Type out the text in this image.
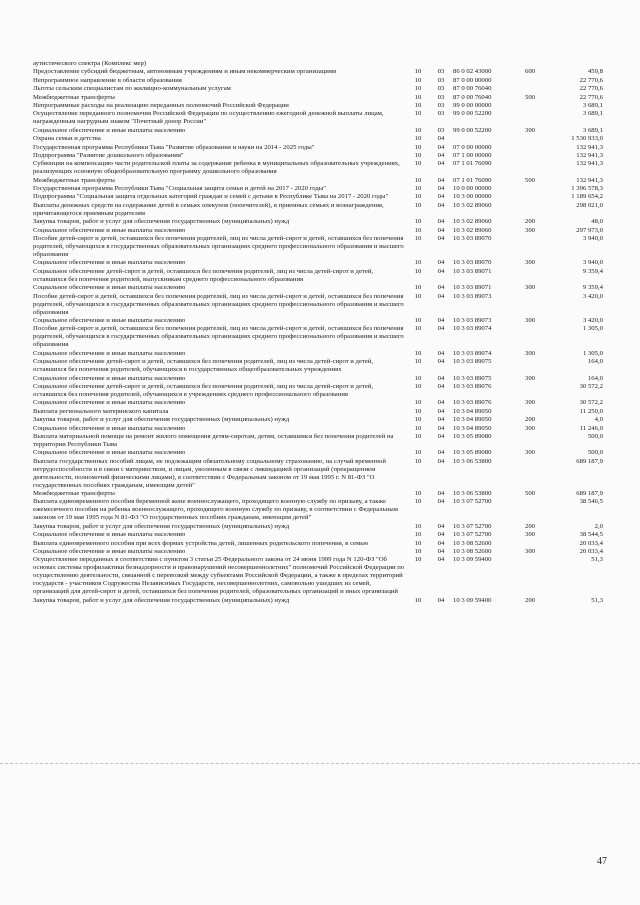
аутистического спектра (Комплекс мер)					
Предоставление субсидий бюджетным, автономным учреждениям и иным некоммерческим организациям	10	03	86 0 02 43000	600	459,8
Непрограммное направление в области образования	10	03	87 0 00 00000		22 770,6
Льготы сельским специалистам по жилищно-коммунальным услугам	10	03	87 0 00 76040		22 770,6
Межбюджетные трансферты	10	03	87 0 00 76040	500	22 770,6
Непрограммные расходы на реализацию переданных полномочий Российской Федерации	10	03	99 0 00 00000		3 689,1
Осуществление переданного полномочия Российской Федерации по осуществлению ежегодной денежной выплаты лицам, награжденным нагрудным знаком "Почетный донор России"	10	03	99 0 00 52200		3 689,1
Социальное обеспечение и иные выплаты населению	10	03	99 0 00 52200	300	3 689,1
Охрана семьи и детства	10	04			1 530 933,0
Государственная программа Республики Тыва "Развитие образования и науки на 2014 - 2025 годы"	10	04	07 0 00 00000		132 941,3
Подпрограмма "Развитие дошкольного образования"	10	04	07 1 00 00000		132 941,3
Субвенции на компенсацию части родительской платы за содержание ребенка в муниципальных образовательных учреждениях, реализующих основную общеобразовательную программу дошкольного образования	10	04	07 1 01 76090		132 941,3
Межбюджетные трансферты	10	04	07 1 01 76090	500	132 941,3
Государственная программа Республики Тыва "Социальная защита семьи и детей на 2017 - 2020 годы"	10	04	10 0 00 00000		1 396 578,3
Подпрограмма "Социальная защита отдельных категорий граждан и семей с детьми в Республике Тыва на 2017 - 2020 годы"	10	04	10 3 00 00000		1 189 654,2
Выплаты денежных средств на содержание детей в семьях опекунов (попечителей), в приемных семьях и вознаграждения, причитающегося приемным родителям	10	04	10 3 02 89060		298 021,0
Закупка товаров, работ и услуг для обеспечения государственных (муниципальных) нужд	10	04	10 3 02 89060	200	48,0
Социальное обеспечение и иные выплаты населению	10	04	10 3 02 89060	300	297 973,0
Пособие детей-сирот и детей, оставшихся без попечения родителей, лиц из числа детей-сирот и детей, оставшихся без попечения родителей, обучающихся в государственных образовательных организациях среднего профессионального образования и высшего образования	10	04	10 3 03 89070		3 940,0
Социальное обеспечение и иные выплаты населению	10	04	10 3 03 89070	300	3 940,0
Социальное обеспечение детей-сирот и детей, оставшихся без попечения родителей, лиц из числа детей-сирот и детей, оставшихся без попечения родителей, выпускникам среднего профессионального образования	10	04	10 3 03 89071		9 359,4
Социальное обеспечение и иные выплаты населению	10	04	10 3 03 89071	300	9 359,4
Пособие детей-сирот и детей, оставшихся без попечения родителей, лиц из числа детей-сирот и детей, оставшихся без попечения родителей, обучающихся в государственных образовательных организациях среднего профессионального образования и высшего образования	10	04	10 3 03 89073		3 420,0
Социальное обеспечение и иные выплаты населению	10	04	10 3 03 89073	300	3 420,0
Пособие детей-сирот и детей, оставшихся без попечения родителей, лиц из числа детей-сирот и детей, оставшихся без попечения родителей, обучающихся в государственных образовательных организациях среднего профессионального образования и высшего образования	10	04	10 3 03 89074		1 305,0
Социальное обеспечение и иные выплаты населению	10	04	10 3 03 89074	300	1 305,0
Социальное обеспечение детей-сирот и детей, оставшихся без попечения родителей, лиц из числа детей-сирот и детей, оставшихся без попечения родителей, обучающихся в государственных общеобразовательных учреждениях	10	04	10 3 03 89075		164,0
Социальное обеспечение и иные выплаты населению	10	04	10 3 03 89075	300	164,0
Социальное обеспечение детей-сирот и детей, оставшихся без попечения родителей, лиц из числа детей-сирот и детей, оставшихся без попечения родителей, обучающихся в учреждениях среднего профессионального образования	10	04	10 3 03 89076		30 572,2
Социальное обеспечение и иные выплаты населению	10	04	10 3 03 89076	300	30 572,2
Выплата регионального материнского капитала	10	04	10 3 04 89050		11 250,0
Закупка товаров, работ и услуг для обеспечения государственных (муниципальных) нужд	10	04	10 3 04 89050	200	4,0
Социальное обеспечение и иные выплаты населению	10	04	10 3 04 89050	300	11 246,0
Выплата материальной помощи на ремонт жилого помещения детям-сиротам, детям, оставшимся без попечения родителей на территории Республики Тыва	10	04	10 3 05 89080		500,0
Социальное обеспечение и иные выплаты населению	10	04	10 3 05 89080	300	500,0
Выплата государственных пособий лицам, не подлежащим обязательному социальному страхованию, на случай временной нетрудоспособности и в связи с материнством, и лицам, уволенным в связи с ликвидацией организаций (прекращением деятельности, полномочий физическими лицами), в соответствии с Федеральным законом от 19 мая 1995 г. N 81-ФЗ "О государственных пособиях гражданам, имеющим детей"	10	04	10 3 06 53800		689 187,9
Межбюджетные трансферты	10	04	10 3 06 53800	500	689 187,9
Выплата единовременного пособия беременной жене военнослужащего, проходящего военную службу по призыву, а также ежемесячного пособия на ребенка военнослужащего, проходящего военную службу по призыву, в соответствии с Федеральным законом от 19 мая 1995 года N 81-ФЗ "О государственных пособиях гражданам, имеющим детей"	10	04	10 3 07 52700		38 546,5
Закупка товаров, работ и услуг для обеспечения государственных (муниципальных) нужд	10	04	10 3 07 52700	200	2,0
Социальное обеспечение и иные выплаты населению	10	04	10 3 07 52700	300	38 544,5
Выплата единовременного пособия при всех формах устройства детей, лишенных родительского попечения, в семью	10	04	10 3 08 52600		20 033,4
Социальное обеспечение и иные выплаты населению	10	04	10 3 08 52600	300	20 033,4
Осуществление переданных в соответствии с пунктом 3 статьи 25 Федерального закона от 24 июня 1999 года N 120-ФЗ "Об основах системы профилактики безнадзорности и правонарушений несовершеннолетних" полномочий Российской Федерации по осуществлению деятельности, связанной с перевозкой между субъектами Российской Федерации, а также в пределах территорий государств - участников Содружества Независимых Государств, несовершеннолетних, самовольно ушедших из семей, организаций для детей-сирот и детей, оставшихся без попечения родителей, образовательных организаций и иных организаций	10	04	10 3 09 59400		51,3
Закупка товаров, работ и услуг для обеспечения государственных (муниципальных) нужд	10	04	10 3 09 59400	200	51,3
47
